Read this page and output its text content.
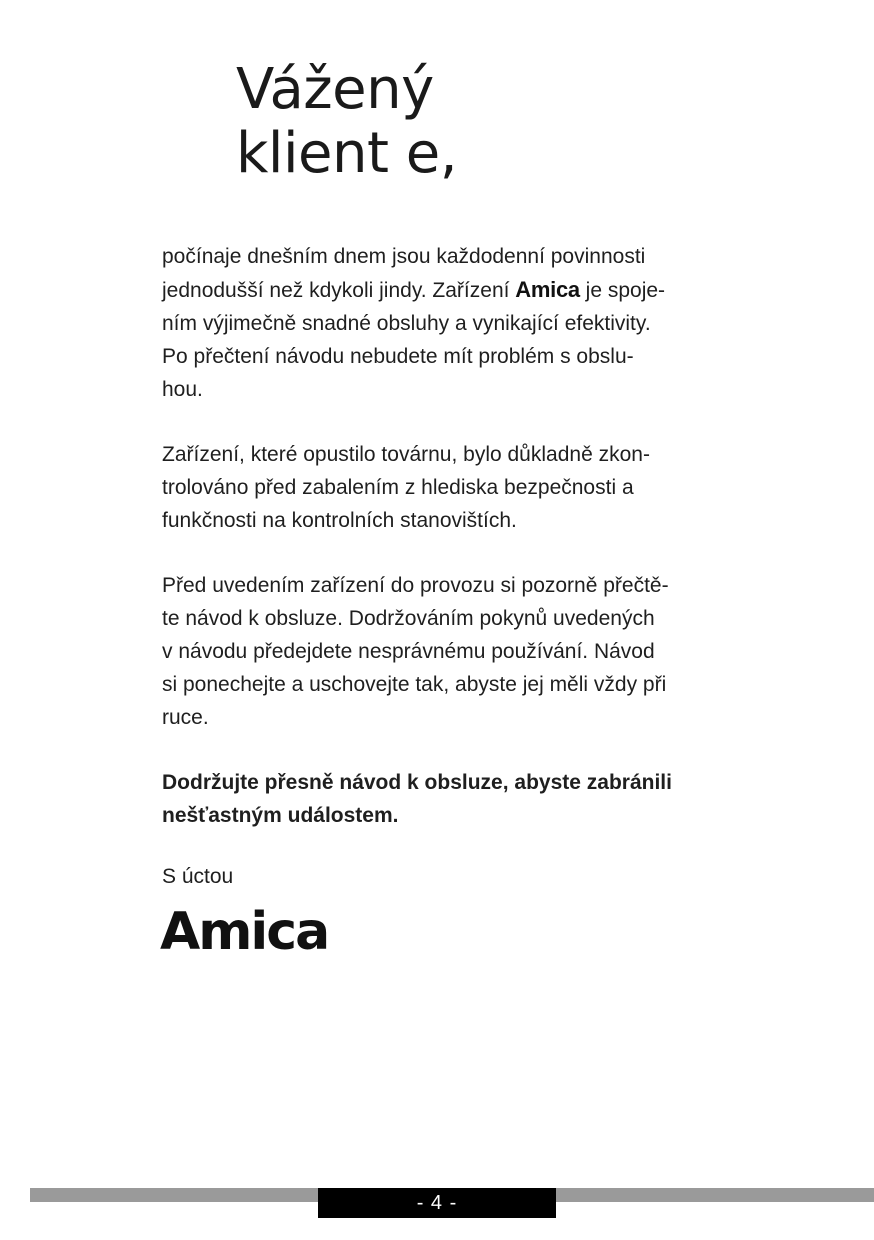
Vážený
klient e,

počínaje dnešním dnem jsou každodenní povinnosti
jednodušší než kdykoli jindy. Zařízení Amica je spoje-
ním výjimečně snadné obsluhy a vynikající efektivity.
Po přečtení návodu nebudete mít problém s obslu-
hou.

Zařízení, které opustilo továrnu, bylo důkladně zkon-
trolováno před zabalením z hlediska bezpečnosti a
funkčnosti na kontrolních stanovištích.

Před uvedením zařízení do provozu si pozorně přečtě-
te návod k obsluze. Dodržováním pokynů uvedených
v návodu předejdete nesprávnému používání. Návod
si ponechejte a uschovejte tak, abyste jej měli vždy při
ruce.

Dodržujte přesně návod k obsluze, abyste zabránili
nešťastným událostem.

S úctou
Amica
- 4 -
